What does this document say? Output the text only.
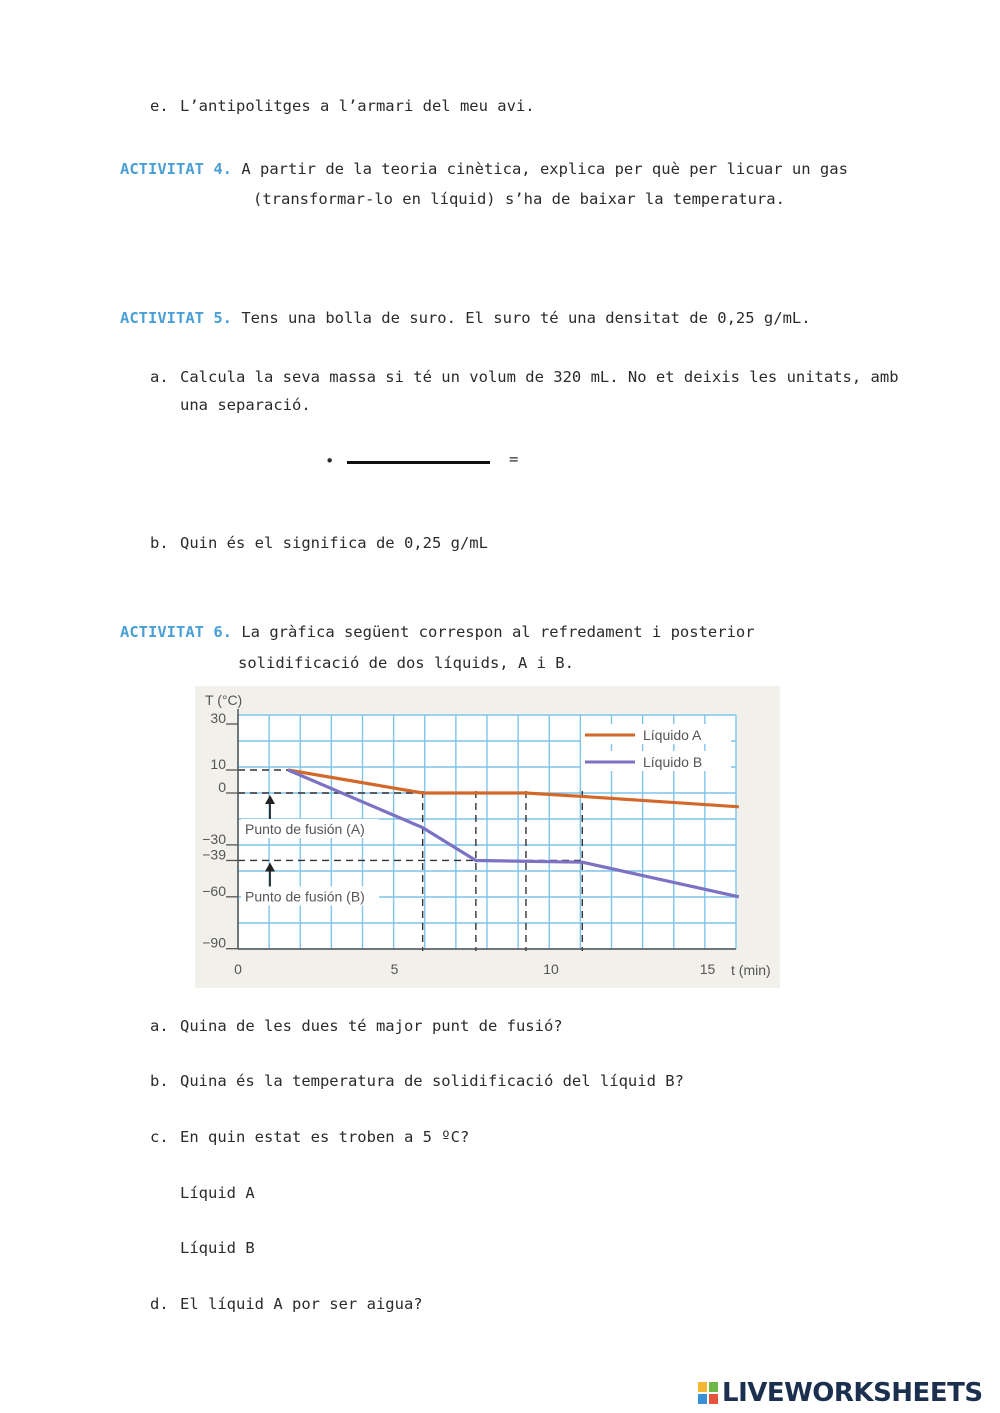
e. L’antipolitges a l’armari del meu avi.
ACTIVITAT 4. A partir de la teoria cinètica, explica per què per licuar un gas
(transformar-lo en líquid) s’ha de baixar la temperatura.
ACTIVITAT 5. Tens una bolla de suro. El suro té una densitat de 0,25 g/mL.
a. Calcula la seva massa si té un volum de 320 mL. No et deixis les unitats, amb
una separació.
•	=
b. Quin és el significa de 0,25 g/mL
ACTIVITAT 6. La gràfica següent correspon al refredament i posterior
solidificació de dos líquids, A i B.
30
10
0
−30
−39
−60
−90
0	5	10	15
Líquido A
Líquido B
Punto de fusión (A)
Punto de fusión (B)
T (°C)
t (min)
a. Quina de les dues té major punt de fusió?
b. Quina és la temperatura de solidificació del líquid B?
c. En quin estat es troben a 5 ºC?
Líquid A
Líquid B
d. El líquid A por ser aigua?
LIVEWORKSHEETS
